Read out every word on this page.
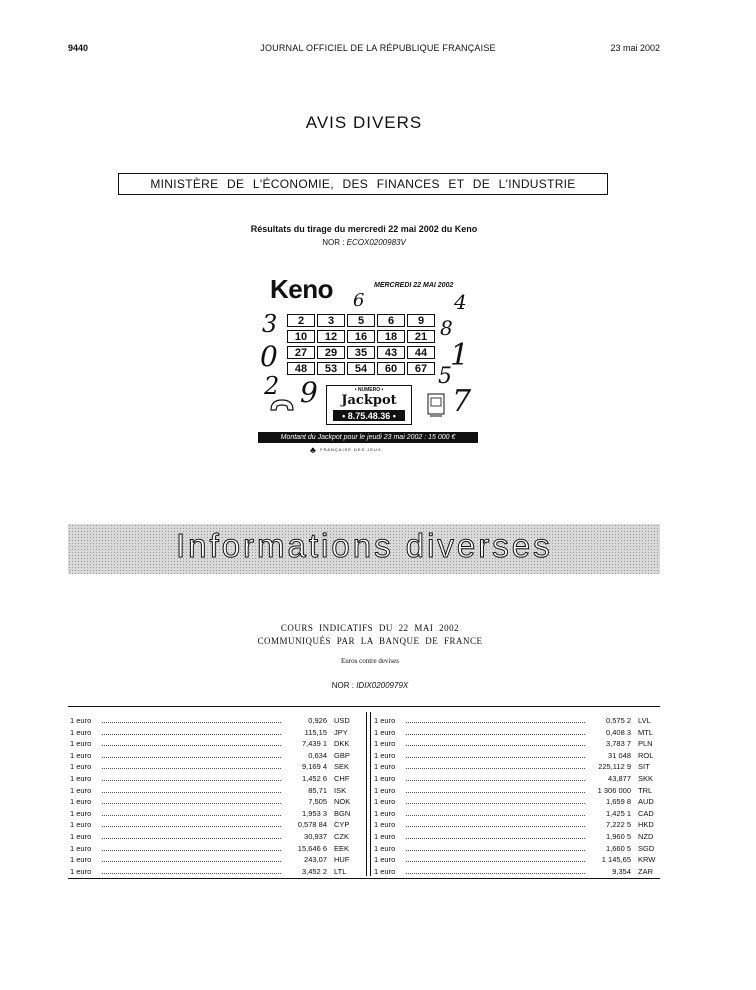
9440	JOURNAL OFFICIEL DE LA RÉPUBLIQUE FRANÇAISE	23 mai 2002
AVIS DIVERS
MINISTÈRE DE L'ÉCONOMIE, DES FINANCES ET DE L'INDUSTRIE
Résultats du tirage du mercredi 22 mai 2002 du Keno
NOR : ECOX0200983V
Keno	MERCREDI 22 MAI 2002
6	4
3	8
0	1
2 9	5
7
2	3	5	6	9
10	12	16	18	21
27	29	35	43	44
48	53	54	60	67
• NUMERO •
Jackpot
• 8.75.48.36 •
Montant du Jackpot pour le jeudi 23 mai 2002 : 15 000 €
♣ FRANÇAISE DES JEUX
Informations diverses
COURS INDICATIFS DU 22 MAI 2002
COMMUNIQUÉS PAR LA BANQUE DE FRANCE
Euros contre devises
NOR : IDIX0200979X
1 euro	0,926 USD
1 euro	115,15 JPY
1 euro	7,439 1 DKK
1 euro	0,634 GBP
1 euro	9,169 4 SEK
1 euro	1,452 6 CHF
1 euro	85,71 ISK
1 euro	7,505 NOK
1 euro	1,953 3 BGN
1 euro	0,578 84 CYP
1 euro	30,937 CZK
1 euro	15,646 6 EEK
1 euro	243,07 HUF
1 euro	3,452 2 LTL
1 euro	0,575 2 LVL
1 euro	0,408 3 MTL
1 euro	3,783 7 PLN
1 euro	31 048 ROL
1 euro	225,112 9 SIT
1 euro	43,877 SKK
1 euro	1 306 000 TRL
1 euro	1,659 8 AUD
1 euro	1,425 1 CAD
1 euro	7,222 5 HKD
1 euro	1,960 5 NZD
1 euro	1,660 5 SGD
1 euro	1 145,65 KRW
1 euro	9,354 ZAR
